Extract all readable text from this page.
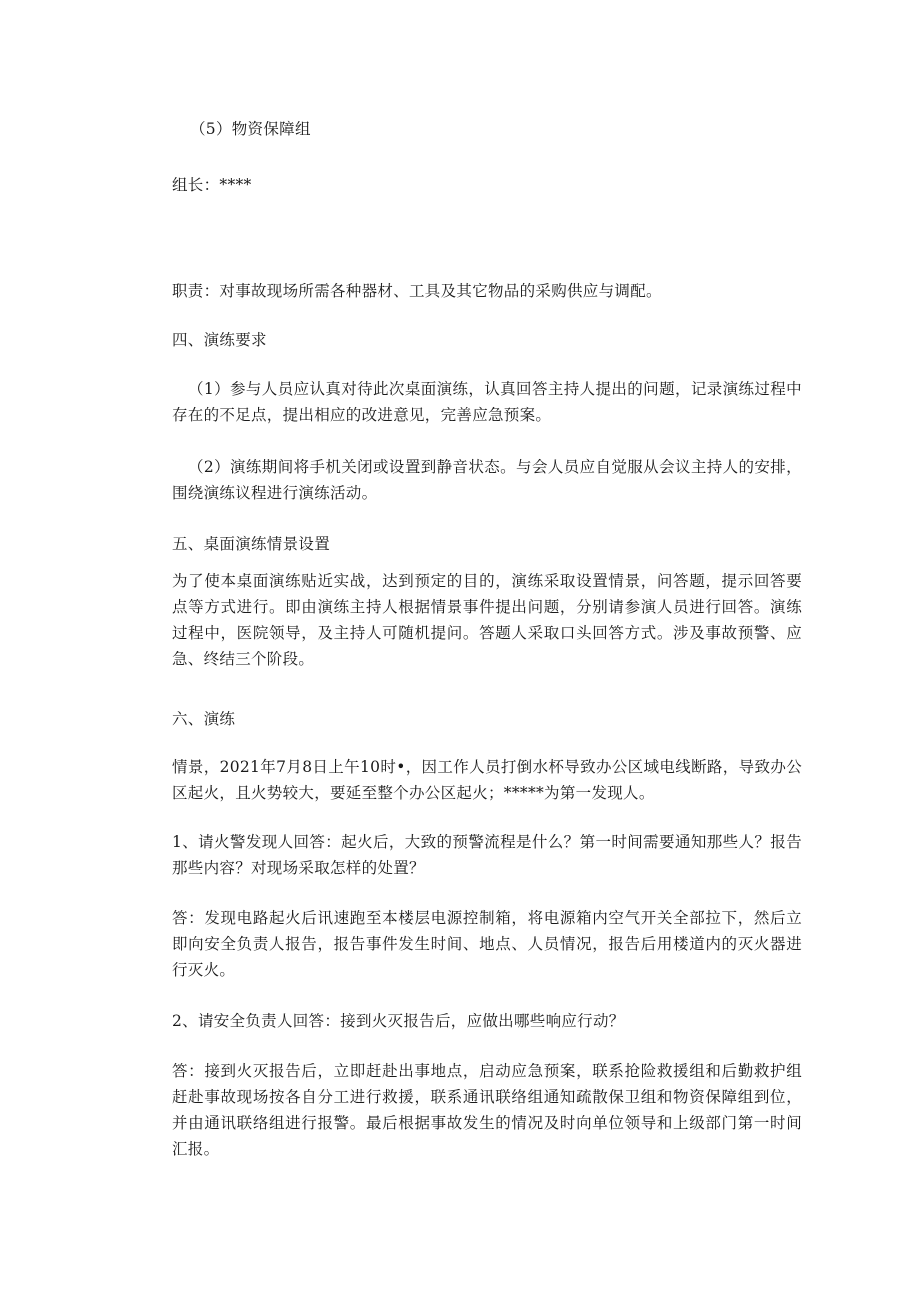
（5）物资保障组

组长：****

职责：对事故现场所需各种器材、工具及其它物品的采购供应与调配。

四、演练要求

（1）参与人员应认真对待此次桌面演练，认真回答主持人提出的问题，记录演练过程中存在的不足点，提出相应的改进意见，完善应急预案。

（2）演练期间将手机关闭或设置到静音状态。与会人员应自觉服从会议主持人的安排，围绕演练议程进行演练活动。

五、桌面演练情景设置

为了使本桌面演练贴近实战，达到预定的目的，演练采取设置情景，问答题，提示回答要点等方式进行。即由演练主持人根据情景事件提出问题，分别请参演人员进行回答。演练过程中，医院领导，及主持人可随机提问。答题人采取口头回答方式。涉及事故预警、应急、终结三个阶段。

六、演练

情景，2021年7月8日上午10时•，因工作人员打倒水杯导致办公区域电线断路，导致办公区起火，且火势较大，要延至整个办公区起火；*****为第一发现人。

1、请火警发现人回答：起火后，大致的预警流程是什么？第一时间需要通知那些人？报告那些内容？对现场采取怎样的处置？

答：发现电路起火后讯速跑至本楼层电源控制箱，将电源箱内空气开关全部拉下，然后立即向安全负责人报告，报告事件发生时间、地点、人员情况，报告后用楼道内的灭火器进行灭火。

2、请安全负责人回答：接到火灭报告后，应做出哪些响应行动？

答：接到火灭报告后，立即赶赴出事地点，启动应急预案，联系抢险救援组和后勤救护组赶赴事故现场按各自分工进行救援，联系通讯联络组通知疏散保卫组和物资保障组到位，并由通讯联络组进行报警。最后根据事故发生的情况及时向单位领导和上级部门第一时间汇报。
